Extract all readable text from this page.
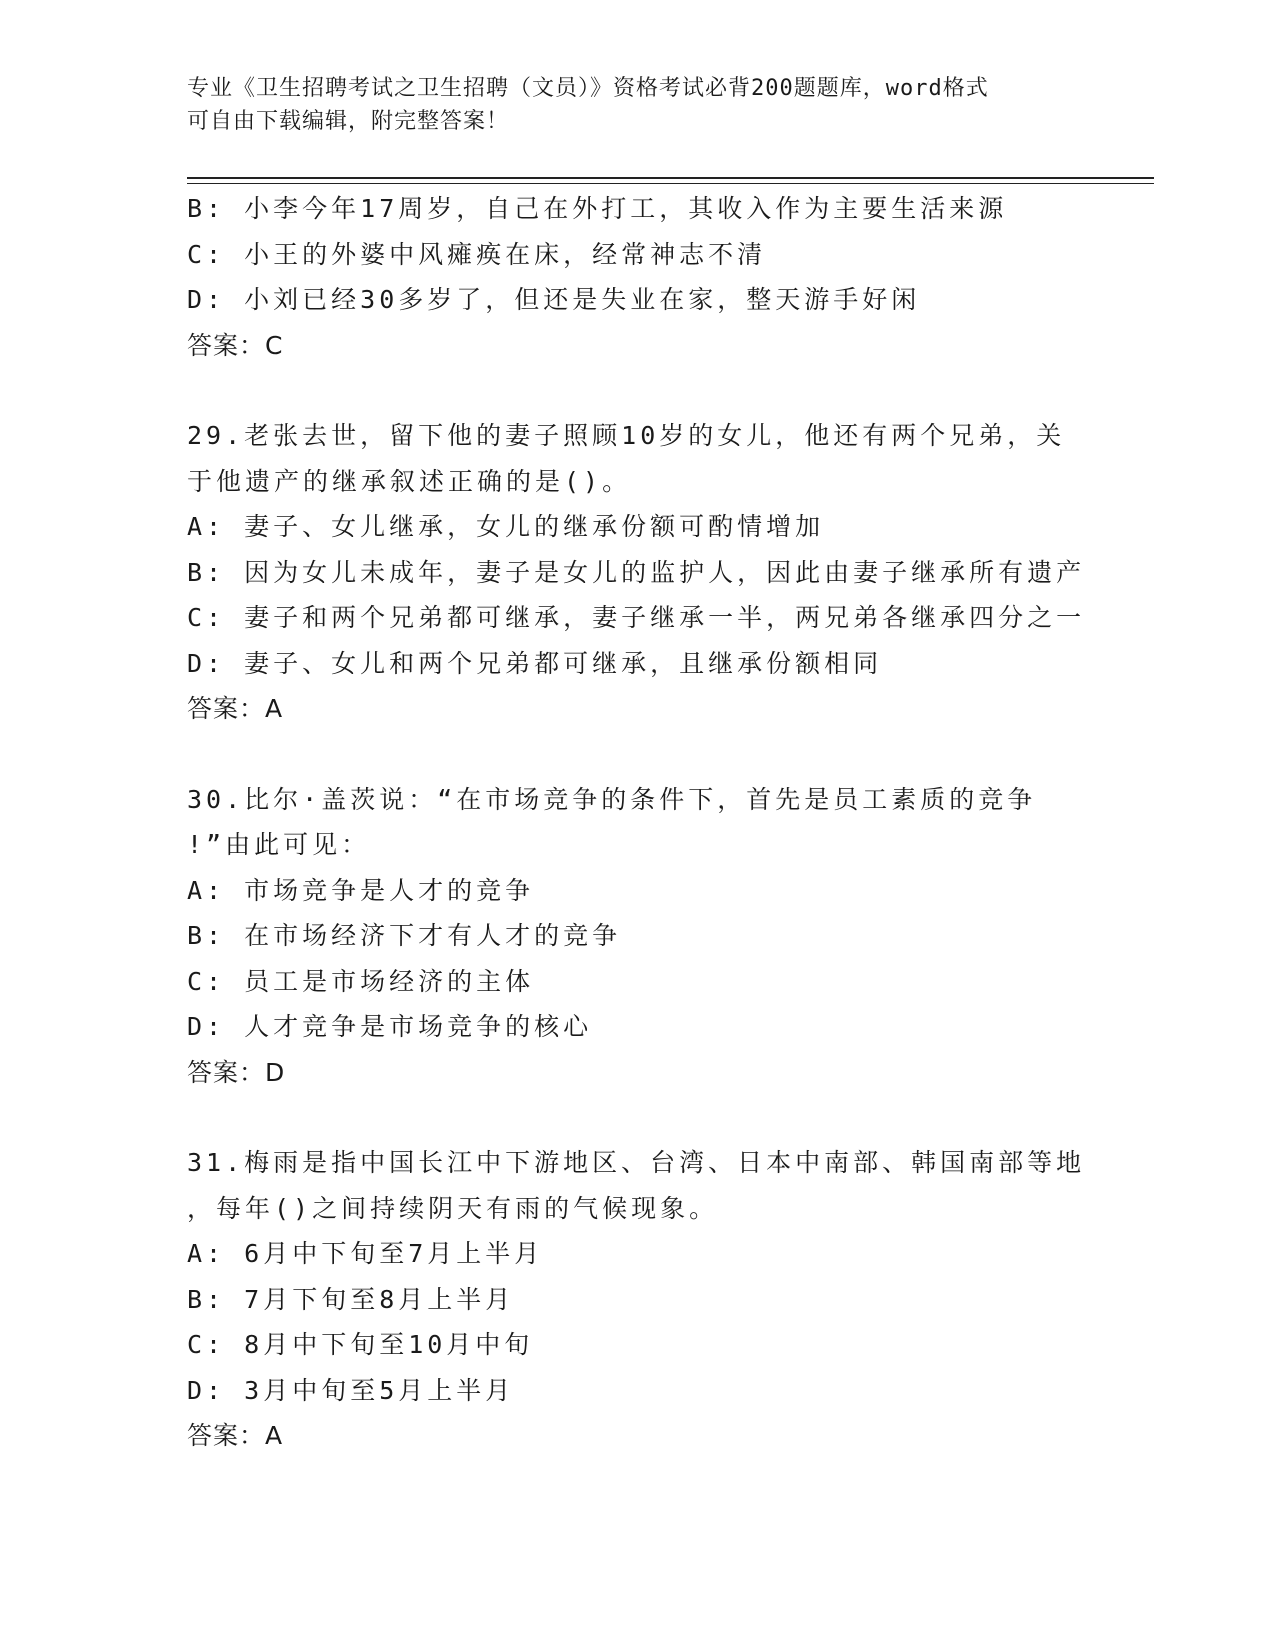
专业《卫生招聘考试之卫生招聘（文员）》资格考试必背200题题库，word格式
可自由下载编辑，附完整答案！
B: 小李今年17周岁，自己在外打工，其收入作为主要生活来源
C: 小王的外婆中风瘫痪在床，经常神志不清
D: 小刘已经30多岁了，但还是失业在家，整天游手好闲
答案：C
29.老张去世，留下他的妻子照顾10岁的女儿，他还有两个兄弟，关
于他遗产的继承叙述正确的是()。
A: 妻子、女儿继承，女儿的继承份额可酌情增加
B: 因为女儿未成年，妻子是女儿的监护人，因此由妻子继承所有遗产
C: 妻子和两个兄弟都可继承，妻子继承一半，两兄弟各继承四分之一
D: 妻子、女儿和两个兄弟都可继承，且继承份额相同
答案：A
30.比尔·盖茨说：“在市场竞争的条件下，首先是员工素质的竞争
!”由此可见：
A: 市场竞争是人才的竞争
B: 在市场经济下才有人才的竞争
C: 员工是市场经济的主体
D: 人才竞争是市场竞争的核心
答案：D
31.梅雨是指中国长江中下游地区、台湾、日本中南部、韩国南部等地
，每年()之间持续阴天有雨的气候现象。
A: 6月中下旬至7月上半月
B: 7月下旬至8月上半月
C: 8月中下旬至10月中旬
D: 3月中旬至5月上半月
答案：A
